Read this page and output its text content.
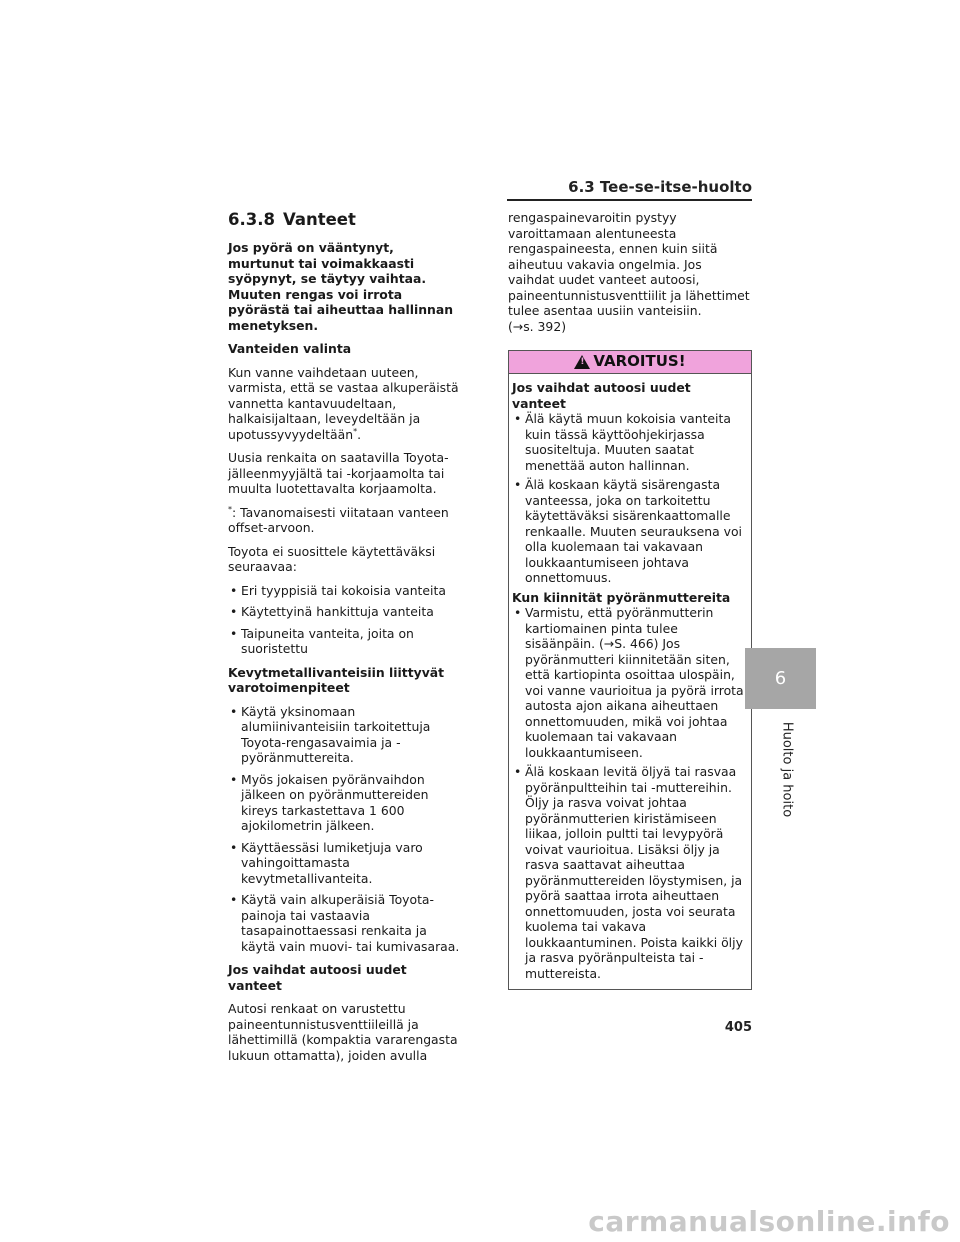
6.3 Tee-se-itse-huolto
6.3.8 Vanteet

Jos pyörä on vääntynyt, murtunut tai voimakkaasti syöpynyt, se täytyy vaihtaa. Muuten rengas voi irrota pyörästä tai aiheuttaa hallinnan menetyksen.

Vanteiden valinta

Kun vanne vaihdetaan uuteen, varmista, että se vastaa alkuperäistä vannetta kantavuudeltaan, halkaisijaltaan, leveydeltään ja upotussyvyydeltään*.

Uusia renkaita on saatavilla Toyota-jälleenmyyjältä tai -korjaamolta tai muulta luotettavalta korjaamolta.

*: Tavanomaisesti viitataan vanteen offset-arvoon.

Toyota ei suosittele käytettäväksi seuraavaa:

• Eri tyyppisiä tai kokoisia vanteita
• Käytettyinä hankittuja vanteita
• Taipuneita vanteita, joita on suoristettu

Kevytmetallivanteisiin liittyvät varotoimenpiteet

• Käytä yksinomaan alumiinivanteisiin tarkoitettuja Toyota-rengasavaimia ja -pyöränmuttereita.
• Myös jokaisen pyöränvaihdon jälkeen on pyöränmuttereiden kireys tarkastettava 1 600 ajokilometrin jälkeen.
• Käyttäessäsi lumiketjuja varo vahingoittamasta kevytmetallivanteita.
• Käytä vain alkuperäisiä Toyota-painoja tai vastaavia tasapainottaessasi renkaita ja käytä vain muovi- tai kumivasaraa.

Jos vaihdat autoosi uudet vanteet

Autosi renkaat on varustettu paineentunnistusventtiileillä ja lähettimillä (kompaktia vararengasta lukuun ottamatta), joiden avulla

rengaspainevaroitin pystyy varoittamaan alentuneesta rengaspaineesta, ennen kuin siitä aiheutuu vakavia ongelmia. Jos vaihdat uudet vanteet autoosi, paineentunnistusventtiilit ja lähettimet tulee asentaa uusiin vanteisiin.

(→s. 392)

!
VAROITUS!

Jos vaihdat autoosi uudet vanteet

• Älä käytä muun kokoisia vanteita kuin tässä käyttöohjekirjassa suositeltuja. Muuten saatat menettää auton hallinnan.
• Älä koskaan käytä sisärengasta vanteessa, joka on tarkoitettu käytettäväksi sisärenkaattomalle renkaalle. Muuten seurauksena voi olla kuolemaan tai vakavaan loukkaantumiseen johtava onnettomuus.

Kun kiinnität pyöränmuttereita

• Varmistu, että pyöränmutterin kartiomainen pinta tulee sisäänpäin. (→S. 466) Jos pyöränmutteri kiinnitetään siten, että kartiopinta osoittaa ulospäin, voi vanne vaurioitua ja pyörä irrota autosta ajon aikana aiheuttaen onnettomuuden, mikä voi johtaa kuolemaan tai vakavaan loukkaantumiseen.
• Älä koskaan levitä öljyä tai rasvaa pyöränpultteihin tai -muttereihin. Öljy ja rasva voivat johtaa pyöränmutterien kiristämiseen liikaa, jolloin pultti tai levypyörä voivat vaurioitua. Lisäksi öljy ja rasva saattavat aiheuttaa pyöränmuttereiden löystymisen, ja pyörä saattaa irrota aiheuttaen onnettomuuden, josta voi seurata kuolema tai vakava loukkaantuminen. Poista kaikki öljy ja rasva pyöränpulteista tai -muttereista.
6
Huolto ja hoito
405
carmanualsonline.info
